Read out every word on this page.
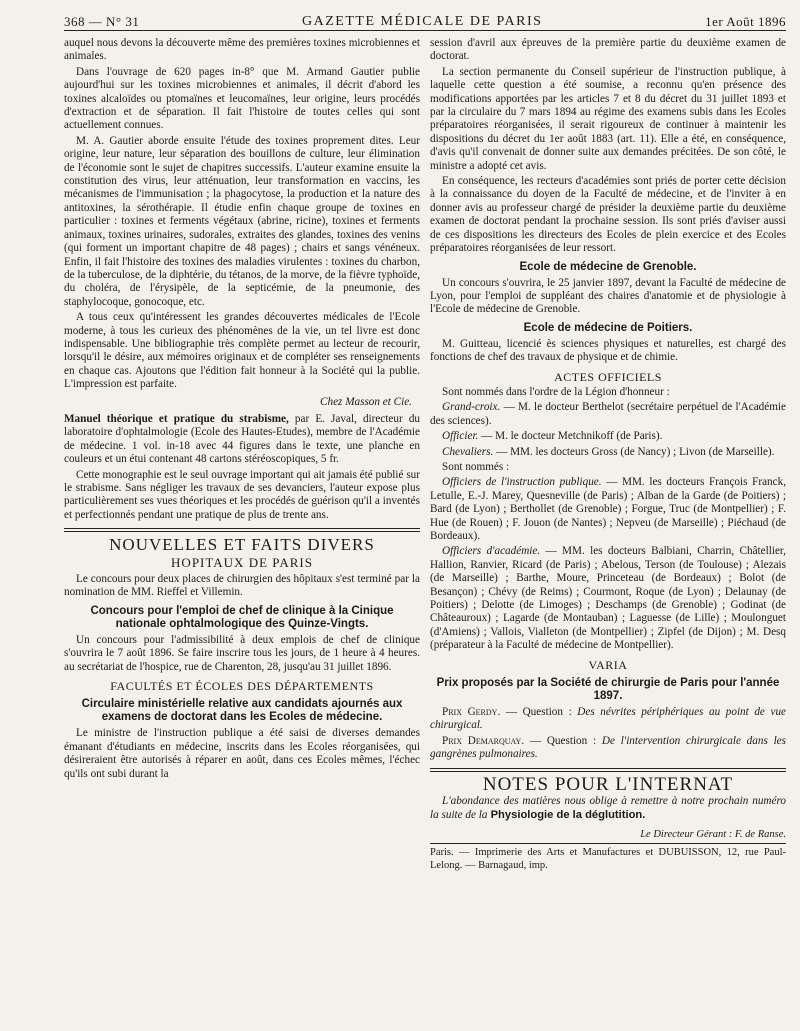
368 — N° 31	GAZETTE MÉDICALE DE PARIS	1er Août 1896

auquel nous devons la découverte même des premières toxines microbiennes et animales.

Dans l'ouvrage de 620 pages in-8° que M. Armand Gautier publie aujourd'hui sur les toxines microbiennes et animales, il décrit d'abord les toxines alcaloïdes ou ptomaïnes et leucomaïnes, leur origine, leurs procédés d'extraction et de séparation. Il fait l'histoire de toutes celles qui sont actuellement connues.

M. A. Gautier aborde ensuite l'étude des toxines proprement dites. Leur origine, leur nature, leur séparation des bouillons de culture, leur élimination de l'économie sont le sujet de chapitres successifs. L'auteur examine ensuite la constitution des virus, leur atténuation, leur transformation en vaccins, les mécanismes de l'immunisation ; la phagocytose, la production et la nature des antitoxines, la sérothérapie. Il étudie enfin chaque groupe de toxines en particulier : toxines et ferments végétaux (abrine, ricine), toxines et ferments animaux, toxines urinaires, sudorales, extraites des glandes, toxines des venins (qui forment un important chapitre de 48 pages) ; chairs et sangs vénéneux. Enfin, il fait l'histoire des toxines des maladies virulentes : toxines du charbon, de la tuberculose, de la diphtérie, du tétanos, de la morve, de la fièvre typhoïde, du choléra, de l'érysipèle, de la septicémie, de la pneumonie, des staphylocoque, gonocoque, etc.

A tous ceux qu'intéressent les grandes découvertes médicales de l'Ecole moderne, à tous les curieux des phénomènes de la vie, un tel livre est donc indispensable. Une bibliographie très complète permet au lecteur de recourir, lorsqu'il le désire, aux mémoires originaux et de compléter ses renseignements en chaque cas. Ajoutons que l'édition fait honneur à la Société qui la publie. L'impression est parfaite.

Chez Masson et Cie.

Manuel théorique et pratique du strabisme, par E. Javal, directeur du laboratoire d'ophtalmologie (Ecole des Hautes-Etudes), membre de l'Académie de médecine. 1 vol. in-18 avec 44 figures dans le texte, une planche en couleurs et un étui contenant 48 cartons stéréoscopiques, 5 fr.

Cette monographie est le seul ouvrage important qui ait jamais été publié sur le strabisme. Sans négliger les travaux de ses devanciers, l'auteur expose plus particulièrement ses vues théoriques et les procédés de guérison qu'il a inventés et perfectionnés pendant une pratique de plus de trente ans.

NOUVELLES ET FAITS DIVERS
HOPITAUX DE PARIS

Le concours pour deux places de chirurgien des hôpitaux s'est terminé par la nomination de MM. Rieffel et Villemin.

Concours pour l'emploi de chef de clinique à la Cinique nationale ophtalmologique des Quinze-Vingts.

Un concours pour l'admissibilité à deux emplois de chef de clinique s'ouvrira le 7 août 1896. Se faire inscrire tous les jours, de 1 heure à 4 heures. au secrétariat de l'hospice, rue de Charenton, 28, jusqu'au 31 juillet 1896.

FACULTÉS ET ÉCOLES DES DÉPARTEMENTS
Circulaire ministérielle relative aux candidats ajournés aux examens de doctorat dans les Ecoles de médecine.

Le ministre de l'instruction publique a été saisi de diverses demandes émanant d'étudiants en médecine, inscrits dans les Ecoles réorganisées, qui désireraient être autorisés à réparer en août, dans ces Ecoles mêmes, l'échec qu'ils ont subi durant la

session d'avril aux épreuves de la première partie du deuxième examen de doctorat.

La section permanente du Conseil supérieur de l'instruction publique, à laquelle cette question a été soumise, a reconnu qu'en présence des modifications apportées par les articles 7 et 8 du décret du 31 juillet 1893 et par la circulaire du 7 mars 1894 au régime des examens subis dans les Ecoles préparatoires réorganisées, il serait rigoureux de continuer à maintenir les dispositions du décret du 1er août 1883 (art. 11). Elle a été, en conséquence, d'avis qu'il convenait de donner suite aux demandes précitées. De son côté, le ministre a adopté cet avis.

En conséquence, les recteurs d'académies sont priés de porter cette décision à la connaissance du doyen de la Faculté de médecine, et de l'inviter à en donner avis au professeur chargé de présider la deuxième partie du deuxième examen de doctorat pendant la prochaine session. Ils sont priés d'aviser aussi de ces dispositions les directeurs des Ecoles de plein exercice et des Ecoles préparatoires réorganisées de leur ressort.

Ecole de médecine de Grenoble.

Un concours s'ouvrira, le 25 janvier 1897, devant la Faculté de médecine de Lyon, pour l'emploi de suppléant des chaires d'anatomie et de physiologie à l'Ecole de médecine de Grenoble.

Ecole de médecine de Poitiers.

M. Guitteau, licencié ès sciences physiques et naturelles, est chargé des fonctions de chef des travaux de physique et de chimie.

ACTES OFFICIELS

Sont nommés dans l'ordre de la Légion d'honneur :

Grand-croix. — M. le docteur Berthelot (secrétaire perpétuel de l'Académie des sciences).

Officier. — M. le docteur Metchnikoff (de Paris).

Chevaliers. — MM. les docteurs Gross (de Nancy) ; Livon (de Marseille).

Sont nommés :

Officiers de l'instruction publique. — MM. les docteurs François Franck, Letulle, E.-J. Marey, Quesneville (de Paris) ; Alban de la Garde (de Poitiers) ; Bard (de Lyon) ; Berthollet (de Grenoble) ; Forgue, Truc (de Montpellier) ; F. Hue (de Rouen) ; F. Jouon (de Nantes) ; Nepveu (de Marseille) ; Piéchaud (de Bordeaux).

Officiers d'académie. — MM. les docteurs Balbiani, Charrin, Châtellier, Hallion, Ranvier, Ricard (de Paris) ; Abelous, Terson (de Toulouse) ; Alezais (de Marseille) ; Barthe, Moure, Princeteau (de Bordeaux) ; Bolot (de Besançon) ; Chévy (de Reims) ; Courmont, Roque (de Lyon) ; Delaunay (de Poitiers) ; Delotte (de Limoges) ; Deschamps (de Grenoble) ; Godinat (de Châteauroux) ; Lagarde (de Montauban) ; Laguesse (de Lille) ; Moulonguet (d'Amiens) ; Vallois, Vialleton (de Montpellier) ; Zipfel (de Dijon) ; M. Desq (préparateur à la Faculté de médecine de Montpellier).

VARIA
Prix proposés par la Société de chirurgie de Paris pour l'année 1897.

Prix Gerdy. — Question : Des névrites périphériques au point de vue chirurgical.

Prix Demarquay. — Question : De l'intervention chirurgicale dans les gangrènes pulmonaires.

NOTES POUR L'INTERNAT

L'abondance des matières nous oblige à remettre à notre prochain numéro la suite de la Physiologie de la déglutition.

Le Directeur Gérant : F. de Ranse.

Paris. — Imprimerie des Arts et Manufactures et DUBUISSON, 12, rue Paul-Lelong. — Barnagaud, imp.
